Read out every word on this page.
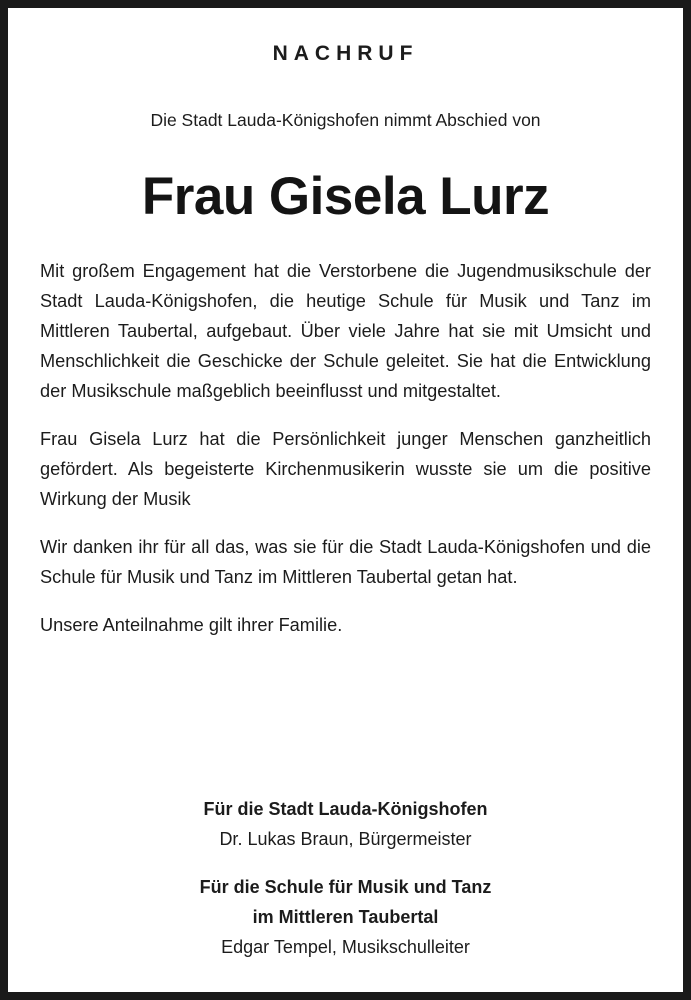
NACHRUF
Die Stadt Lauda-Königshofen nimmt Abschied von
Frau Gisela Lurz

Mit großem Engagement hat die Verstorbene die Jugendmusikschule der Stadt Lauda-Königshofen, die heutige Schule für Musik und Tanz im Mittleren Taubertal, aufgebaut. Über viele Jahre hat sie mit Umsicht und Menschlichkeit die Geschicke der Schule geleitet. Sie hat die Entwicklung der Musikschule maßgeblich beeinflusst und mitgestaltet.

Frau Gisela Lurz hat die Persönlichkeit junger Menschen ganzheitlich gefördert. Als begeisterte Kirchenmusikerin wusste sie um die positive Wirkung der Musik

Wir danken ihr für all das, was sie für die Stadt Lauda-Königshofen und die Schule für Musik und Tanz im Mittleren Taubertal getan hat.

Unsere Anteilnahme gilt ihrer Familie.

Für die Stadt Lauda-Königshofen
Dr. Lukas Braun, Bürgermeister
Für die Schule für Musik und Tanz
im Mittleren Taubertal
Edgar Tempel, Musikschulleiter
